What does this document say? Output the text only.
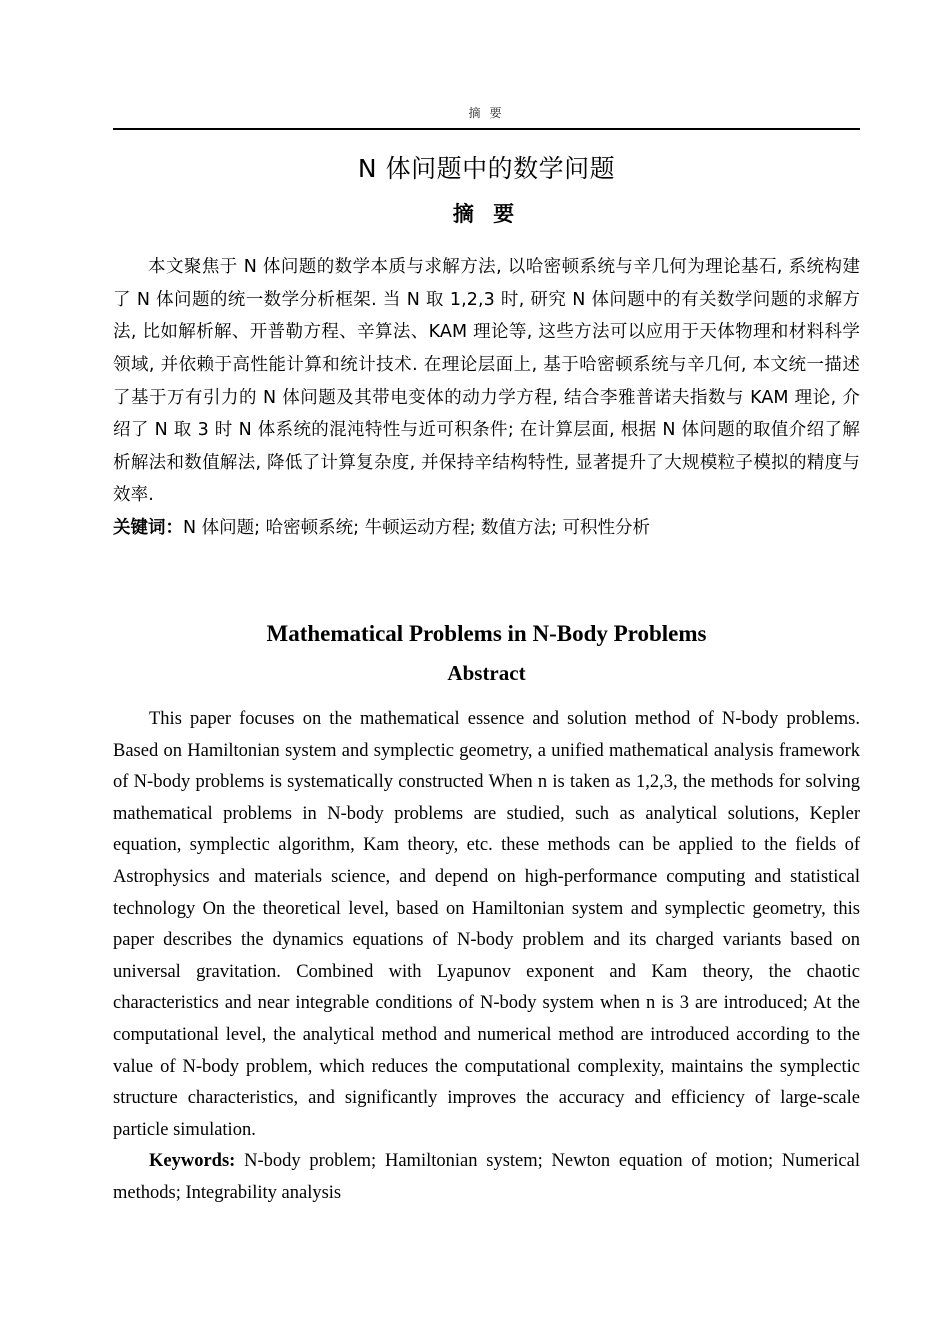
摘 要
N 体问题中的数学问题
摘 要

本文聚焦于 N 体问题的数学本质与求解方法, 以哈密顿系统与辛几何为理论基石, 系统构建了 N 体问题的统一数学分析框架. 当 N 取 1,2,3 时, 研究 N 体问题中的有关数学问题的求解方法, 比如解析解、开普勒方程、辛算法、KAM 理论等, 这些方法可以应用于天体物理和材料科学领域, 并依赖于高性能计算和统计技术. 在理论层面上, 基于哈密顿系统与辛几何, 本文统一描述了基于万有引力的 N 体问题及其带电变体的动力学方程, 结合李雅普诺夫指数与 KAM 理论, 介绍了 N 取 3 时 N 体系统的混沌特性与近可积条件; 在计算层面, 根据 N 体问题的取值介绍了解析解法和数值解法, 降低了计算复杂度, 并保持辛结构特性, 显著提升了大规模粒子模拟的精度与效率.

关键词：N 体问题; 哈密顿系统; 牛顿运动方程; 数值方法; 可积性分析

Mathematical Problems in N-Body Problems
Abstract

This paper focuses on the mathematical essence and solution method of N-body problems. Based on Hamiltonian system and symplectic geometry, a unified mathematical analysis framework of N-body problems is systematically constructed When n is taken as 1,2,3, the methods for solving mathematical problems in N-body problems are studied, such as analytical solutions, Kepler equation, symplectic algorithm, Kam theory, etc. these methods can be applied to the fields of Astrophysics and materials science, and depend on high-performance computing and statistical technology On the theoretical level, based on Hamiltonian system and symplectic geometry, this paper describes the dynamics equations of N-body problem and its charged variants based on universal gravitation. Combined with Lyapunov exponent and Kam theory, the chaotic characteristics and near integrable conditions of N-body system when n is 3 are introduced; At the computational level, the analytical method and numerical method are introduced according to the value of N-body problem, which reduces the computational complexity, maintains the symplectic structure characteristics, and significantly improves the accuracy and efficiency of large-scale particle simulation.

Keywords: N-body problem; Hamiltonian system; Newton equation of motion; Numerical methods; Integrability analysis
